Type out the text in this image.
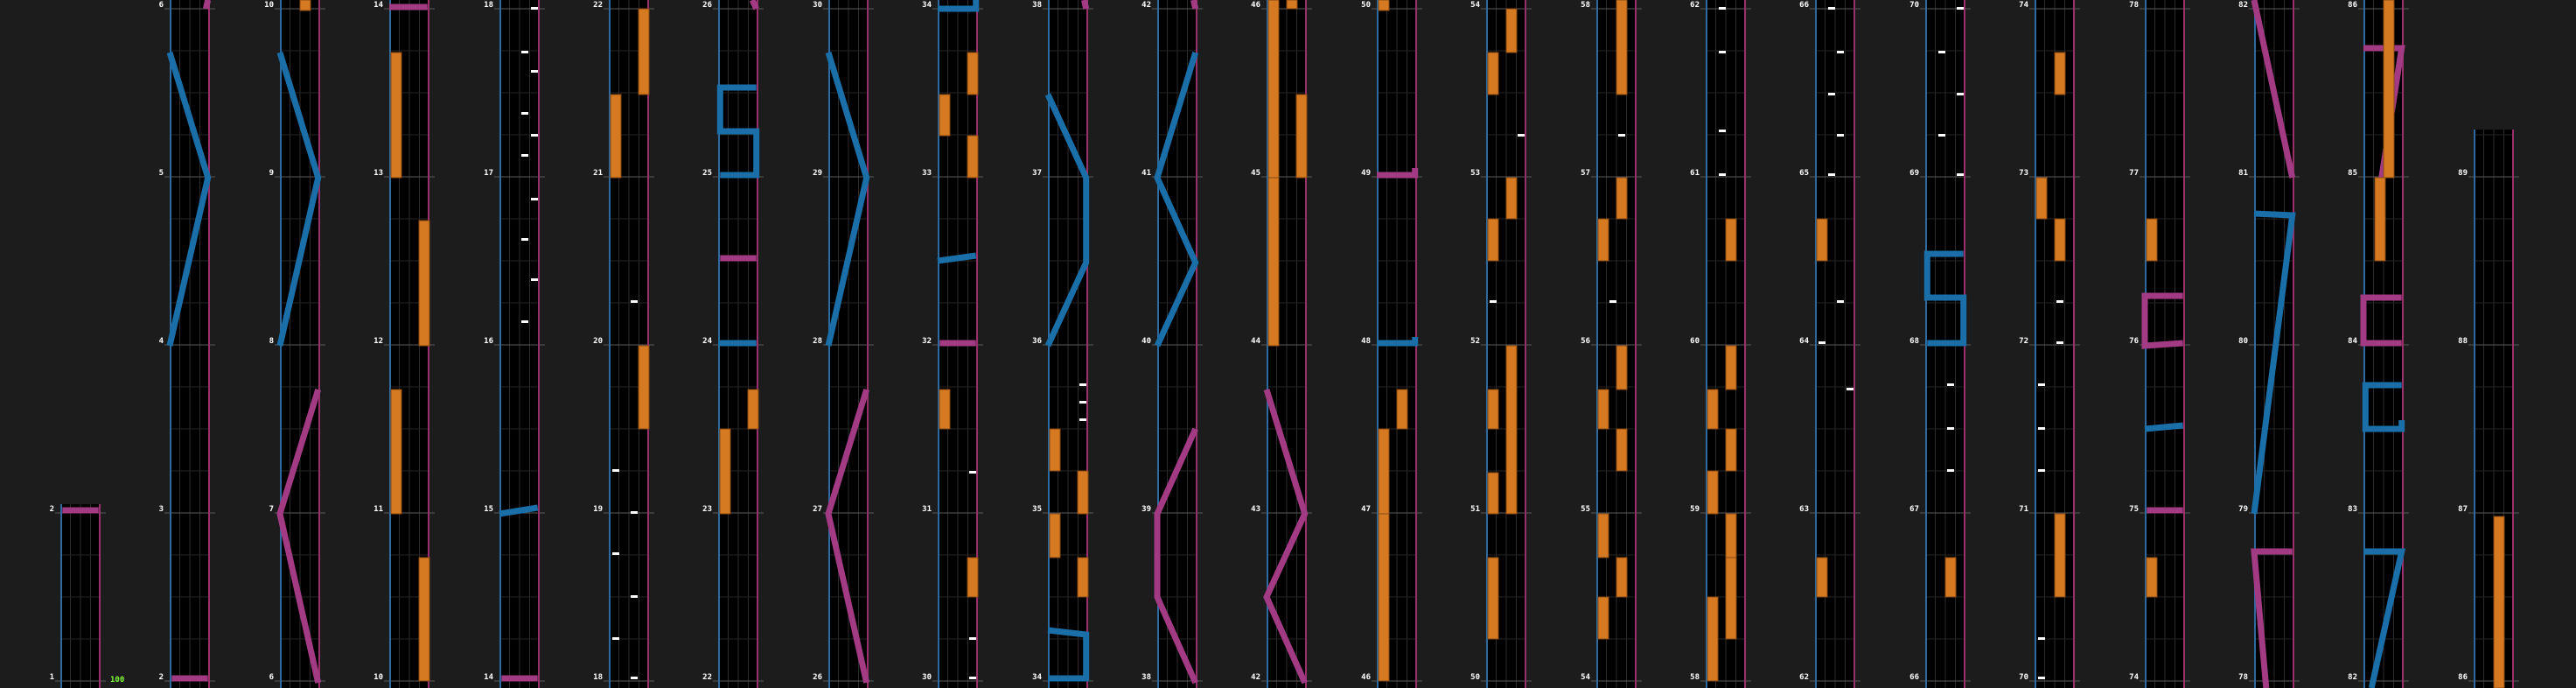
1
2
2
3
4
5
6
6
7
8
9
10
10
11
12
13
14
14
15
16
17
18
18
19
20
21
22
22
23
24
25
26
26
27
28
29
30
30
31
32
33
34
34
35
36
37
38
38
39
40
41
42
42
43
44
45
46
46
47
48
49
50
50
51
52
53
54
54
55
56
57
58
58
59
60
61
62
62
63
64
65
66
66
67
68
69
70
70
71
72
73
74
74
75
76
77
78
78
79
80
81
82
82
83
84
85
86
86
87
88
89
100
